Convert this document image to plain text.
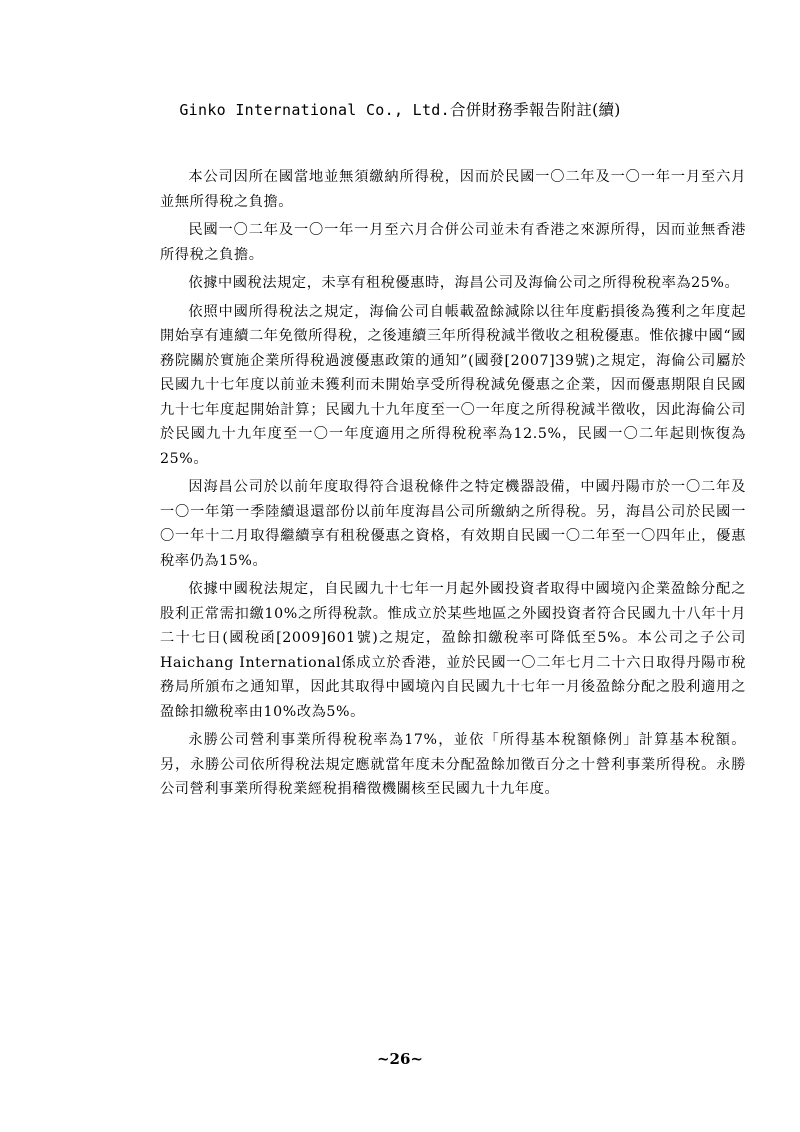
Ginko International Co., Ltd.合併財務季報告附註(續)

本公司因所在國當地並無須繳納所得稅，因而於民國一〇二年及一〇一年一月至六月並無所得稅之負擔。

民國一〇二年及一〇一年一月至六月合併公司並未有香港之來源所得，因而並無香港所得稅之負擔。

依據中國稅法規定，未享有租稅優惠時，海昌公司及海倫公司之所得稅稅率為25%。

依照中國所得稅法之規定，海倫公司自帳載盈餘減除以往年度虧損後為獲利之年度起開始享有連續二年免徵所得稅，之後連續三年所得稅減半徵收之租稅優惠。惟依據中國“國務院關於實施企業所得稅過渡優惠政策的通知”(國發[2007]39號)之規定，海倫公司屬於民國九十七年度以前並未獲利而未開始享受所得稅減免優惠之企業，因而優惠期限自民國九十七年度起開始計算；民國九十九年度至一〇一年度之所得稅減半徵收，因此海倫公司於民國九十九年度至一〇一年度適用之所得稅稅率為12.5%，民國一〇二年起則恢復為25%。

因海昌公司於以前年度取得符合退稅條件之特定機器設備，中國丹陽市於一〇二年及一〇一年第一季陸續退還部份以前年度海昌公司所繳納之所得稅。另，海昌公司於民國一〇一年十二月取得繼續享有租稅優惠之資格，有效期自民國一〇二年至一〇四年止，優惠稅率仍為15%。

依據中國稅法規定，自民國九十七年一月起外國投資者取得中國境內企業盈餘分配之股利正常需扣繳10%之所得稅款。惟成立於某些地區之外國投資者符合民國九十八年十月二十七日(國稅函[2009]601號)之規定，盈餘扣繳稅率可降低至5%。本公司之子公司Haichang International係成立於香港，並於民國一〇二年七月二十六日取得丹陽市稅務局所頒布之通知單，因此其取得中國境內自民國九十七年一月後盈餘分配之股利適用之盈餘扣繳稅率由10%改為5%。

永勝公司營利事業所得稅稅率為17%，並依「所得基本稅額條例」計算基本稅額。另，永勝公司依所得稅法規定應就當年度未分配盈餘加徵百分之十營利事業所得稅。永勝公司營利事業所得稅業經稅捐稽徵機關核至民國九十九年度。

~26~
